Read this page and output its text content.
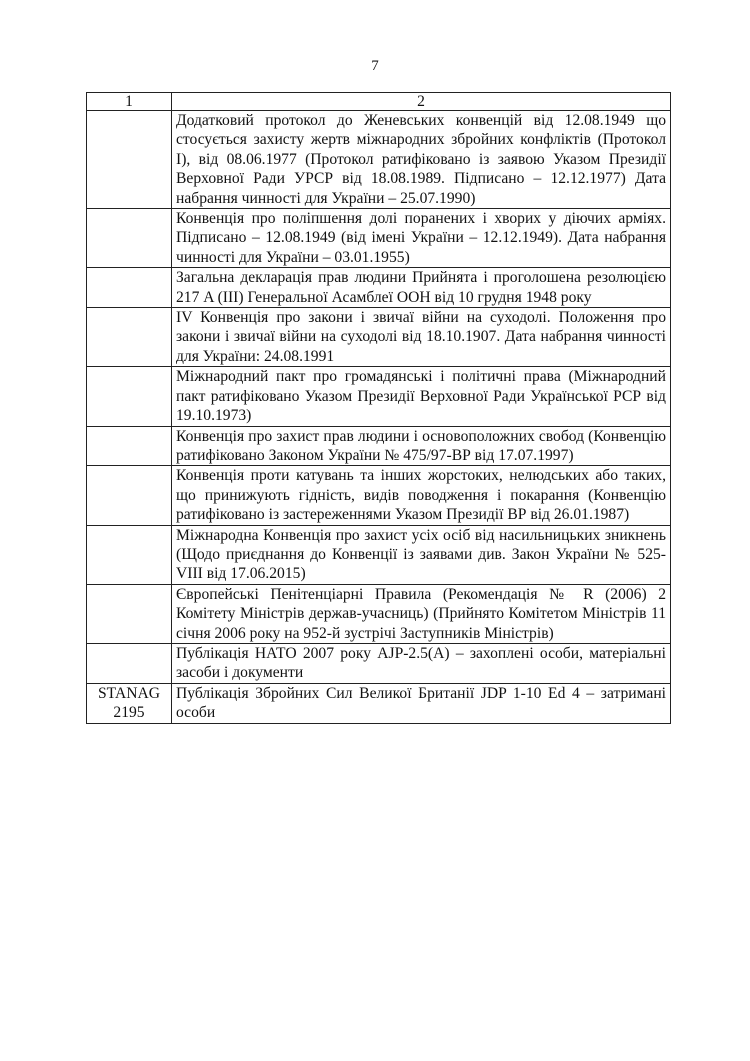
7
1	2
	Додатковий протокол до Женевських конвенцій від 12.08.1949 що стосується захисту жертв міжнародних збройних конфліктів (Протокол I), від 08.06.1977 (Протокол ратифіковано із заявою Указом Президії Верховної Ради УРСР від 18.08.1989. Підписано – 12.12.1977) Дата набрання чинності для України – 25.07.1990)
	Конвенція про поліпшення долі поранених і хворих у діючих арміях. Підписано – 12.08.1949 (від імені України – 12.12.1949). Дата набрання чинності для України – 03.01.1955)
	Загальна декларація прав людини Прийнята і проголошена резолюцією 217 A (III) Генеральної Асамблеї ООН від 10 грудня 1948 року
	IV Конвенція про закони і звичаї війни на суходолі. Положення про закони і звичаї війни на суходолі від 18.10.1907. Дата набрання чинності для України: 24.08.1991
	Міжнародний пакт про громадянські і політичні права (Міжнародний пакт ратифіковано Указом Президії Верховної Ради Української РСР від 19.10.1973)
	Конвенція про захист прав людини і основоположних свобод (Конвенцію ратифіковано Законом України № 475/97-ВР від 17.07.1997)
	Конвенція проти катувань та інших жорстоких, нелюдських або таких, що принижують гідність, видів поводження і покарання (Конвенцію ратифіковано із застереженнями Указом Президії ВР від 26.01.1987)
	Міжнародна Конвенція про захист усіх осіб від насильницьких зникнень (Щодо приєднання до Конвенції із заявами див. Закон України № 525-VIII від 17.06.2015)
	Європейські Пенітенціарні Правила (Рекомендація № R (2006) 2 Комітету Міністрів держав-учасниць) (Прийнято Комітетом Міністрів 11 січня 2006 року на 952-й зустрічі Заступників Міністрів)
	Публікація НАТО 2007 року AJP-2.5(A) – захоплені особи, матеріальні засоби і документи
STANAG 2195	Публікація Збройних Сил Великої Британії JDP 1-10 Ed 4 – затримані особи
